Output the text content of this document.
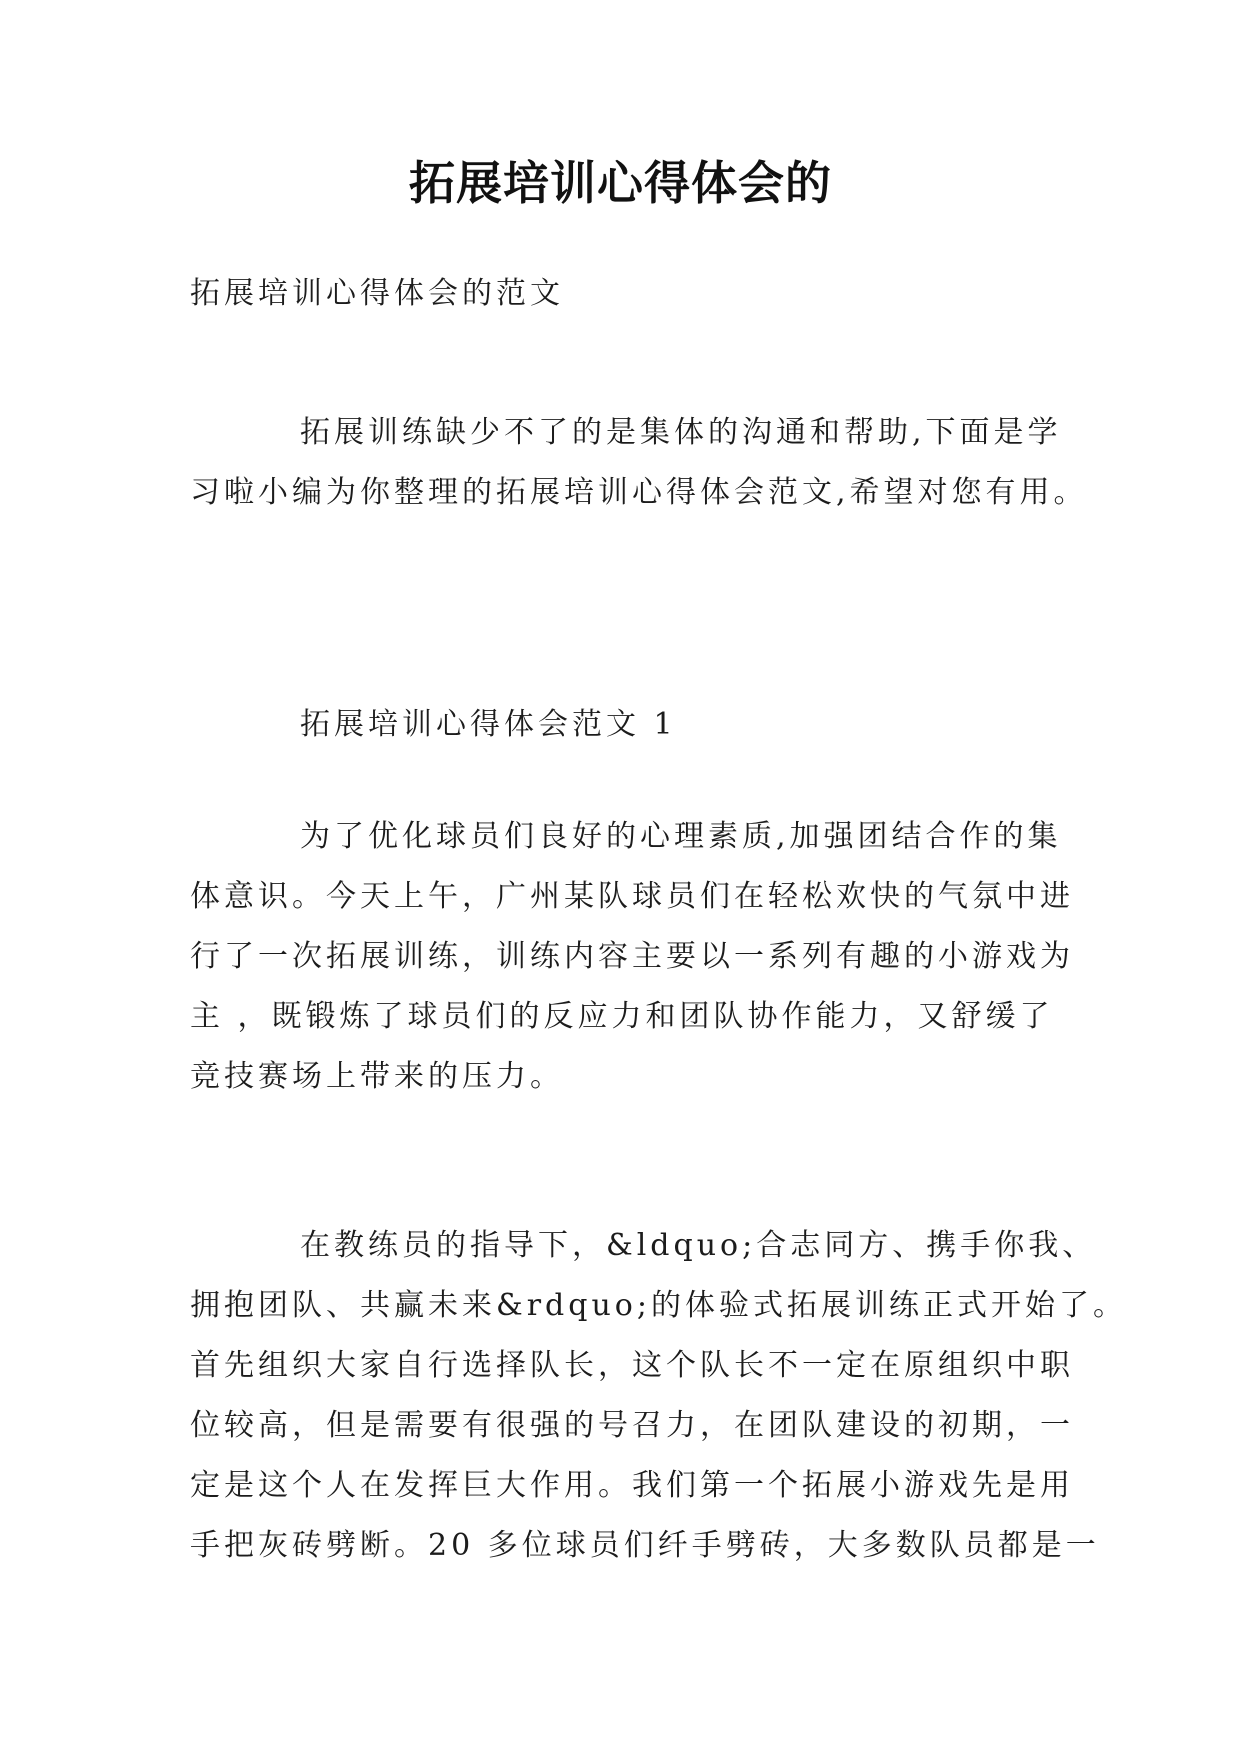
拓展培训心得体会的

拓展培训心得体会的范文

拓展训练缺少不了的是集体的沟通和帮助,下面是学
习啦小编为你整理的拓展培训心得体会范文,希望对您有用。

拓展培训心得体会范文 1

为了优化球员们良好的心理素质,加强团结合作的集
体意识。今天上午，广州某队球员们在轻松欢快的气氛中进
行了一次拓展训练，训练内容主要以一系列有趣的小游戏为
主 ，既锻炼了球员们的反应力和团队协作能力，又舒缓了
竞技赛场上带来的压力。

在教练员的指导下，&ldquo;合志同方、携手你我、
拥抱团队、共赢未来&rdquo;的体验式拓展训练正式开始了。
首先组织大家自行选择队长，这个队长不一定在原组织中职
位较高，但是需要有很强的号召力，在团队建设的初期，一
定是这个人在发挥巨大作用。我们第一个拓展小游戏先是用
手把灰砖劈断。20 多位球员们纤手劈砖，大多数队员都是一
